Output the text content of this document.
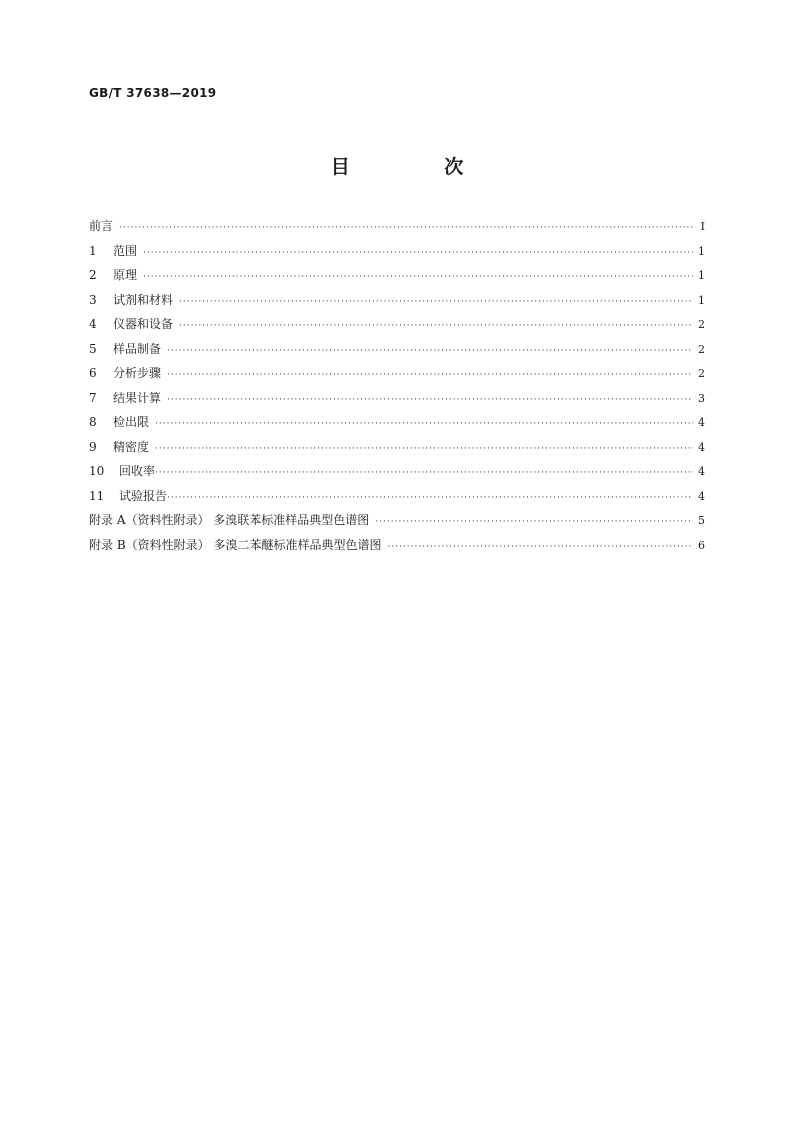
GB/T 37638—2019
目 次
前言 ·····	Ⅰ
1 范围 ·····	1
2 原理 ·····	1
3 试剂和材料 ·····	1
4 仪器和设备 ·····	2
5 样品制备 ·····	2
6 分析步骤 ·····	2
7 结果计算 ·····	3
8 检出限 ·····	4
9 精密度 ·····	4
10 回收率 ·····	4
11 试验报告 ·····	4
附录 A（资料性附录） 多溴联苯标准样品典型色谱图 ·····	5
附录 B（资料性附录） 多溴二苯醚标准样品典型色谱图 ·····	6
